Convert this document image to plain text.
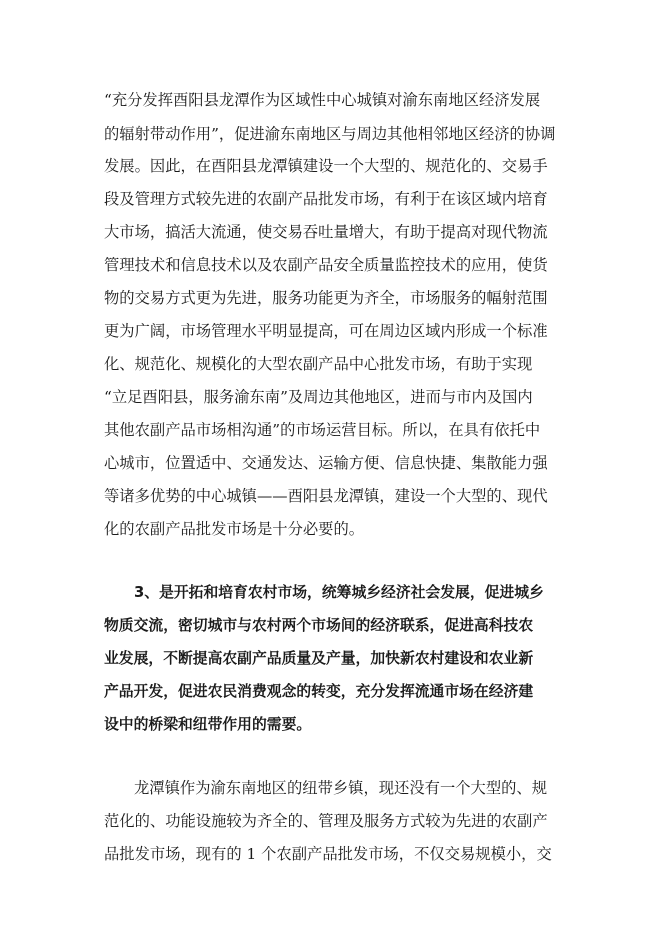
“充分发挥酉阳县龙潭作为区域性中心城镇对渝东南地区经济发展
的辐射带动作用”，促进渝东南地区与周边其他相邻地区经济的协调
发展。因此，在酉阳县龙潭镇建设一个大型的、规范化的、交易手
段及管理方式较先进的农副产品批发市场，有利于在该区域内培育
大市场，搞活大流通，使交易吞吐量增大，有助于提高对现代物流
管理技术和信息技术以及农副产品安全质量监控技术的应用，使货
物的交易方式更为先进，服务功能更为齐全，市场服务的幅射范围
更为广阔，市场管理水平明显提高，可在周边区域内形成一个标准
化、规范化、规模化的大型农副产品中心批发市场，有助于实现
“立足酉阳县，服务渝东南”及周边其他地区，进而与市内及国内
其他农副产品市场相沟通”的市场运营目标。所以，在具有依托中
心城市，位置适中、交通发达、运输方便、信息快捷、集散能力强
等诸多优势的中心城镇——酉阳县龙潭镇，建设一个大型的、现代
化的农副产品批发市场是十分必要的。
3、是开拓和培育农村市场，统筹城乡经济社会发展，促进城乡
物质交流，密切城市与农村两个市场间的经济联系，促进高科技农
业发展，不断提高农副产品质量及产量，加快新农村建设和农业新
产品开发，促进农民消费观念的转变，充分发挥流通市场在经济建
设中的桥梁和纽带作用的需要。
龙潭镇作为渝东南地区的纽带乡镇，现还没有一个大型的、规
范化的、功能设施较为齐全的、管理及服务方式较为先进的农副产
品批发市场，现有的 1 个农副产品批发市场，不仅交易规模小，交
